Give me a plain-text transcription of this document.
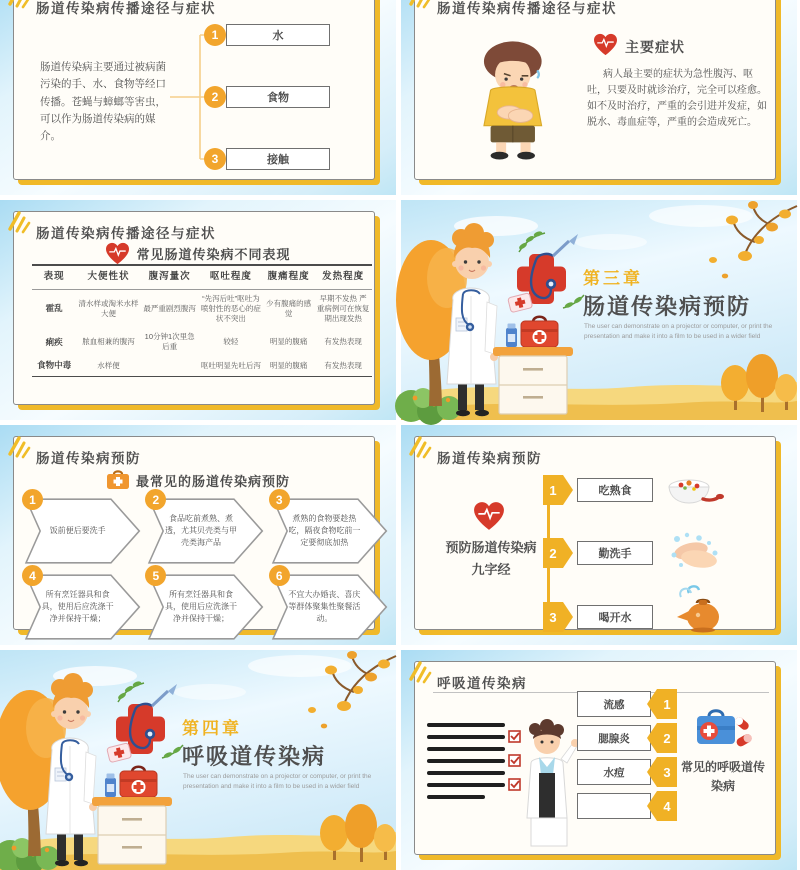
肠道传染病传播途径与症状
肠道传染病主要通过被病菌污染的手、水、食物等经口传播。苍蝇与蟑螂等害虫，可以作为肠道传染病的媒介。
1	水
2	食物
3	接触
肠道传染病传播途径与症状
主要症状
病人最主要的症状为急性腹泻、呕吐，只要及时就诊治疗，完全可以痊愈。如不及时治疗，严重的会引进并发症，如脱水、毒血症等，严重的会造成死亡。
肠道传染病传播途径与症状
常见肠道传染病不同表现
表现	大便性状	腹泻量次	呕吐程度	腹痛程度	发热程度
霍乱	清水样或淘米水样大便	最严重剧烈腹泻	“先泻后吐”呕吐为喷射性的恶心的症状不突出	少有腹痛的感觉	早期不发热 严重病例可在恢复期出现发热
痢疾	脓血相兼的腹泻	10分钟1次里急后重	较轻	明显的腹痛	有发热表现
食物中毒	水样便		呕吐明显先吐后泻	明显的腹痛	有发热表现
第三章
肠道传染病预防
The user can demonstrate on a projector or computer, or print the presentation and make it into a film to be used in a wider field
肠道传染病预防
最常见的肠道传染病预防
1
饭前便后要洗手
2
食品吃前煮熟、煮透，尤其贝壳类与甲壳类海产品
3
煮熟的食物要趁热吃，隔夜食物吃前一定要彻底加热
4
所有烹饪器具和食具，使用后应洗涤干净并保持干燥；
5
所有烹饪器具和食具，使用后应洗涤干净并保持干燥；
6
不宜大办婚丧、喜庆等群体聚集性聚餐活动。
肠道传染病预防
预防肠道传染病九字经
1	吃熟食
2	勤洗手
3	喝开水
第四章
呼吸道传染病
The user can demonstrate on a projector or computer, or print the presentation and make it into a film to be used in a wider field
呼吸道传染病
流感	1
腮腺炎	2
水痘	3
4
常见的呼吸道传染病
